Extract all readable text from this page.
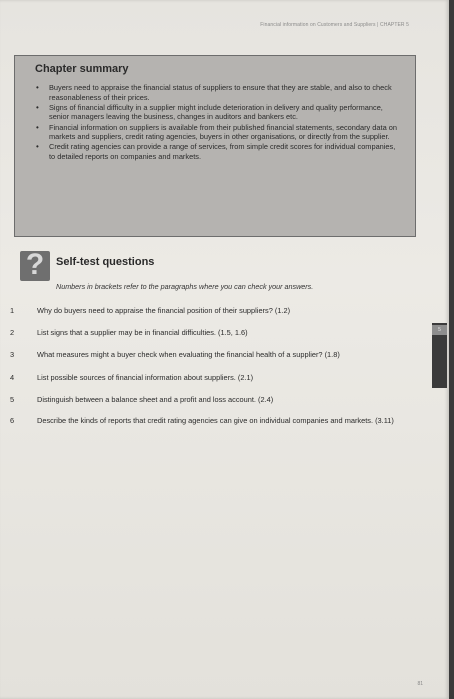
Financial information on Customers and Suppliers | CHAPTER 5
Chapter summary
• Buyers need to appraise the financial status of suppliers to ensure that they are stable, and also to check reasonableness of their prices.
• Signs of financial difficulty in a supplier might include deterioration in delivery and quality performance, senior managers leaving the business, changes in auditors and bankers etc.
• Financial information on suppliers is available from their published financial statements, secondary data on markets and suppliers, credit rating agencies, buyers in other organisations, or directly from the supplier.
• Credit rating agencies can provide a range of services, from simple credit scores for individual companies, to detailed reports on companies and markets.
?	Self-test questions
Numbers in brackets refer to the paragraphs where you can check your answers.
1	Why do buyers need to appraise the financial position of their suppliers? (1.2)
2	List signs that a supplier may be in financial difficulties. (1.5, 1.6)
3	What measures might a buyer check when evaluating the financial health of a supplier? (1.8)
4	List possible sources of financial information about suppliers. (2.1)
5	Distinguish between a balance sheet and a profit and loss account. (2.4)
6	Describe the kinds of reports that credit rating agencies can give on individual companies and markets. (3.11)
5
81
